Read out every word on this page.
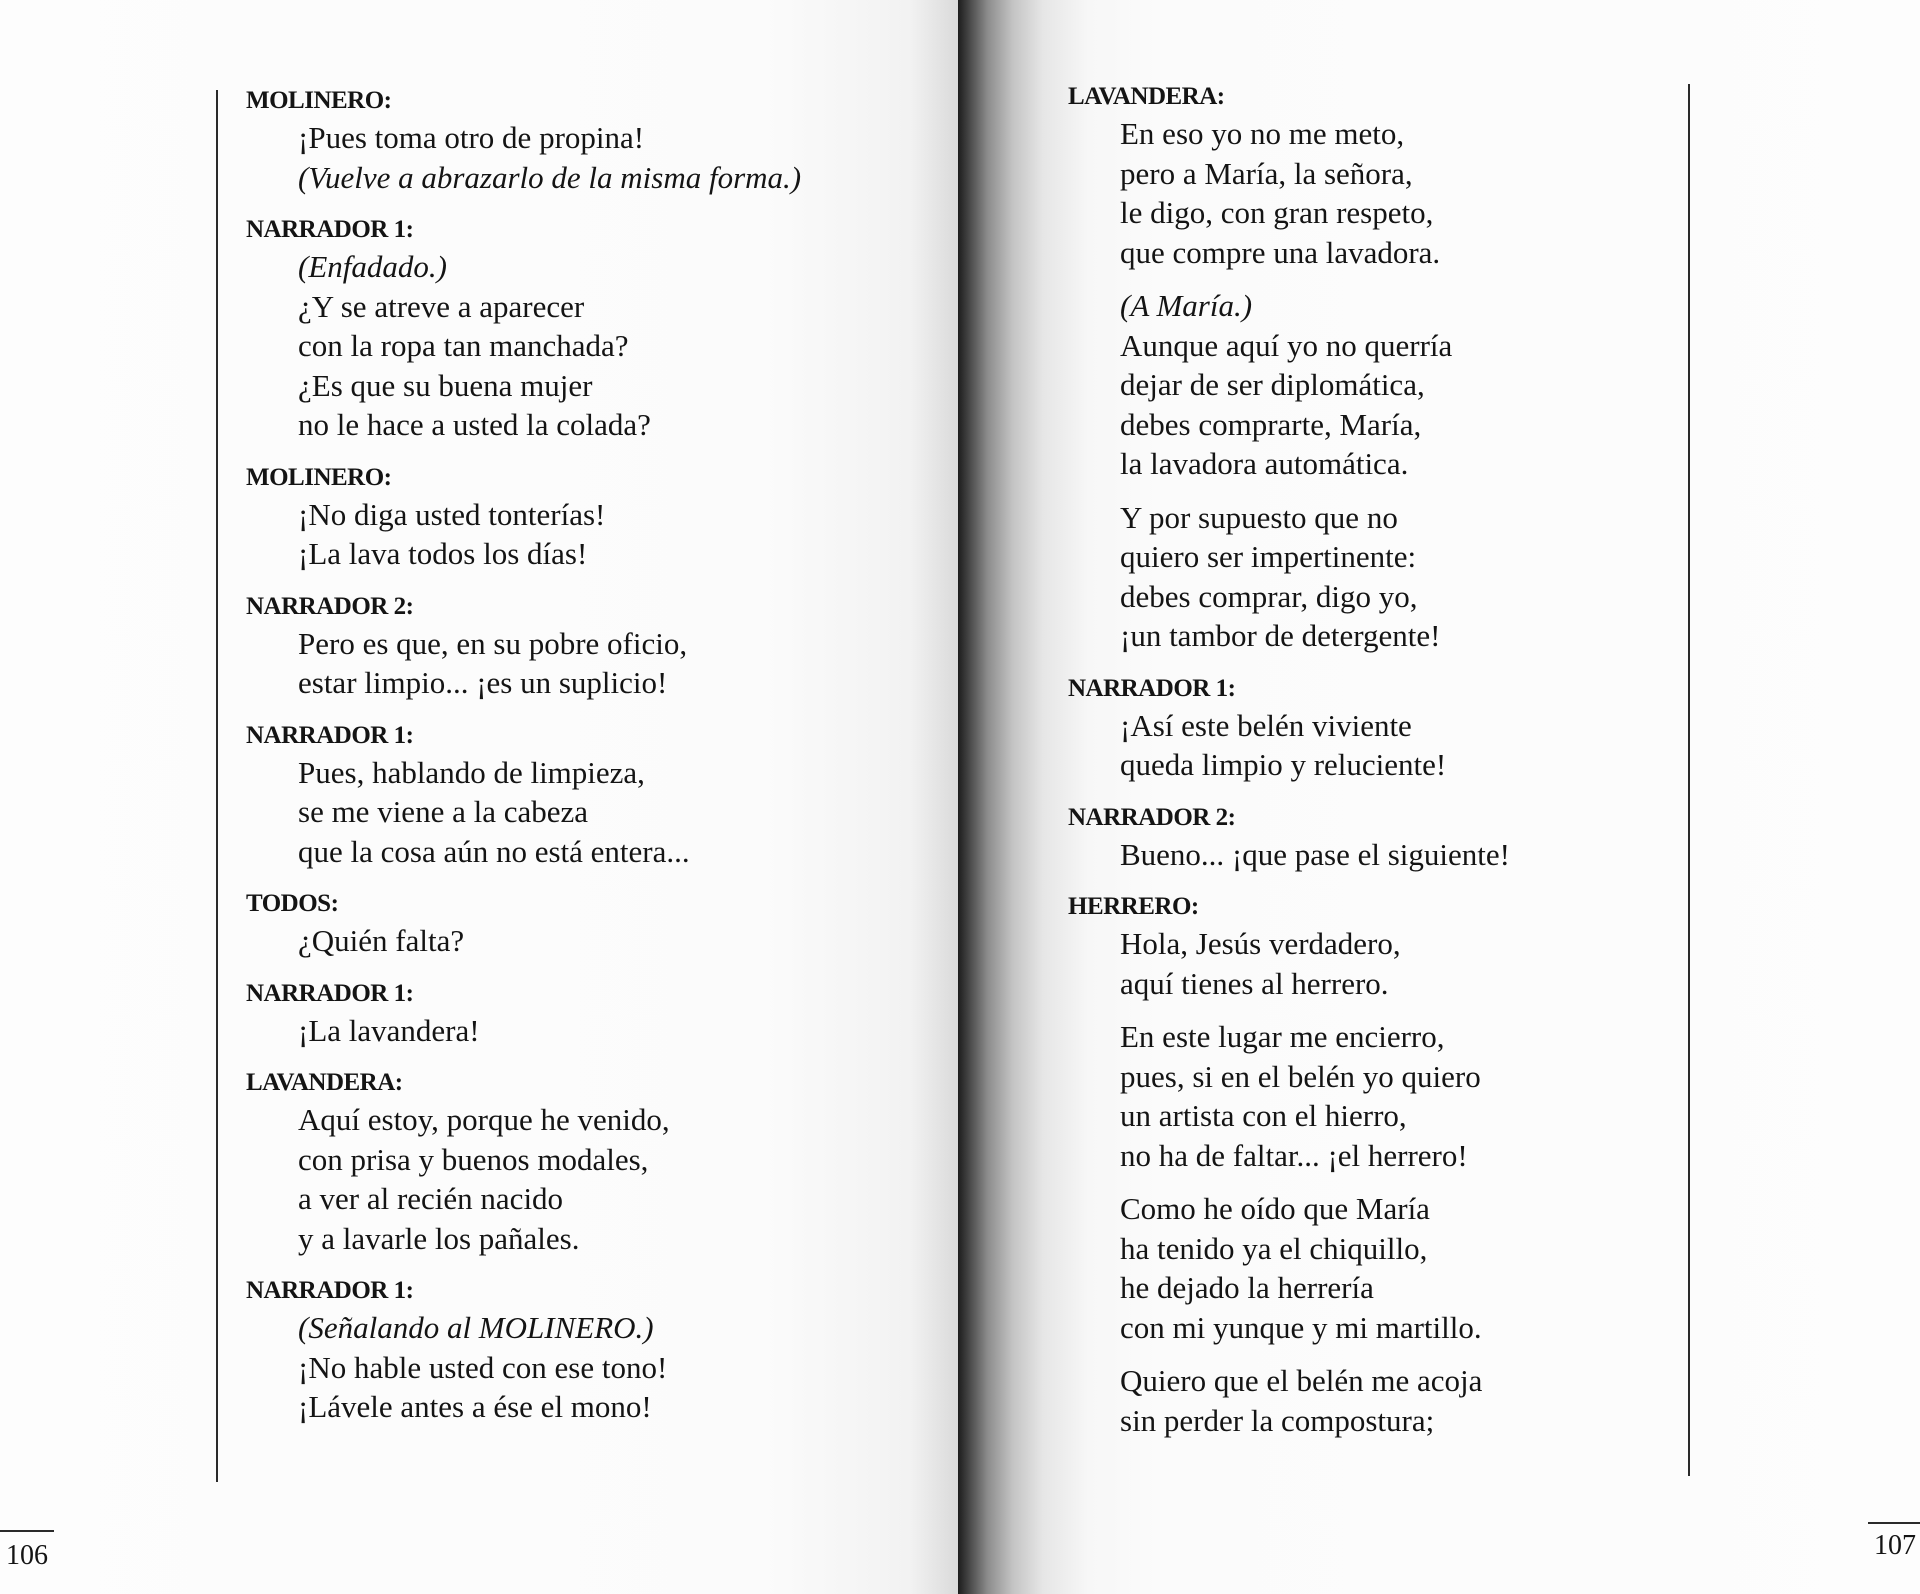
MOLINERO:
¡Pues toma otro de propina!
(Vuelve a abrazarlo de la misma forma.)
NARRADOR 1:
(Enfadado.)
¿Y se atreve a aparecer
con la ropa tan manchada?
¿Es que su buena mujer
no le hace a usted la colada?
MOLINERO:
¡No diga usted tonterías!
¡La lava todos los días!
NARRADOR 2:
Pero es que, en su pobre oficio,
estar limpio... ¡es un suplicio!
NARRADOR 1:
Pues, hablando de limpieza,
se me viene a la cabeza
que la cosa aún no está entera...
TODOS:
¿Quién falta?
NARRADOR 1:
¡La lavandera!
LAVANDERA:
Aquí estoy, porque he venido,
con prisa y buenos modales,
a ver al recién nacido
y a lavarle los pañales.
NARRADOR 1:
(Señalando al MOLINERO.)
¡No hable usted con ese tono!
¡Lávele antes a ése el mono!
106
LAVANDERA:
En eso yo no me meto,
pero a María, la señora,
le digo, con gran respeto,
que compre una lavadora.
(A María.)
Aunque aquí yo no querría
dejar de ser diplomática,
debes comprarte, María,
la lavadora automática.
Y por supuesto que no
quiero ser impertinente:
debes comprar, digo yo,
¡un tambor de detergente!
NARRADOR 1:
¡Así este belén viviente
queda limpio y reluciente!
NARRADOR 2:
Bueno... ¡que pase el siguiente!
HERRERO:
Hola, Jesús verdadero,
aquí tienes al herrero.
En este lugar me encierro,
pues, si en el belén yo quiero
un artista con el hierro,
no ha de faltar... ¡el herrero!
Como he oído que María
ha tenido ya el chiquillo,
he dejado la herrería
con mi yunque y mi martillo.
Quiero que el belén me acoja
sin perder la compostura;
107
